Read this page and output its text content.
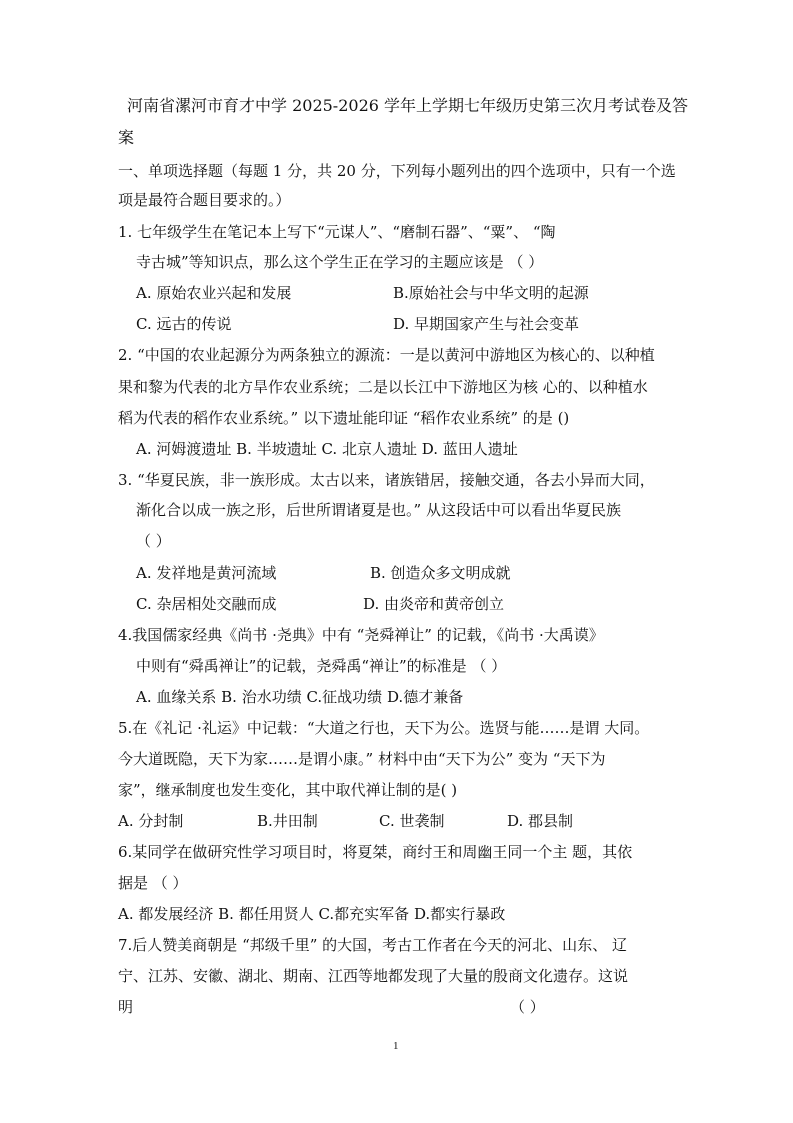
河南省漯河市育才中学 2025-2026 学年上学期七年级历史第三次月考试卷及答
案
一、单项选择题（每题 1 分，共 20 分，下列每小题列出的四个选项中，只有一个选
项是最符合题目要求的。）
1. 七年级学生在笔记本上写下“元谋人”、“磨制石器”、“粟”、 “陶
寺古城”等知识点，那么这个学生正在学习的主题应该是 （ ）
A. 原始农业兴起和发展	B.原始社会与中华文明的起源
C. 远古的传说	D. 早期国家产生与社会变革
2. “中国的农业起源分为两条独立的源流：一是以黄河中游地区为核心的、以种植
果和黎为代表的北方旱作农业系统；二是以长江中下游地区为核 心的、以种植水
稻为代表的稻作农业系统。” 以下遗址能印证 “稻作农业系统” 的是 ()
A. 河姆渡遗址 B. 半坡遗址 C. 北京人遗址 D. 蓝田人遗址
3. “华夏民族，非一族形成。太古以来，诸族错居，接触交通，各去小异而大同，
渐化合以成一族之形，后世所谓诸夏是也。” 从这段话中可以看出华夏民族
（ ）
A. 发祥地是黄河流域	B. 创造众多文明成就
C. 杂居相处交融而成	D. 由炎帝和黄帝创立
4.我国儒家经典《尚书 ·尧典》中有 “尧舜禅让” 的记载，《尚书 ·大禹谟》
中则有“舜禹禅让”的记载，尧舜禹“禅让”的标准是 （ ）
A. 血缘关系 B. 治水功绩 C.征战功绩 D.德才兼备
5.在《礼记 ·礼运》中记载：“大道之行也，天下为公。选贤与能……是谓 大同。
今大道既隐，天下为家……是谓小康。” 材料中由“天下为公” 变为 “天下为
家”，继承制度也发生变化，其中取代禅让制的是( )
A. 分封制	B.井田制	C. 世袭制	D. 郡县制
6.某同学在做研究性学习项目时，将夏桀，商纣王和周幽王同一个主 题，其依
据是 （ ）
A. 都发展经济 B. 都任用贤人 C.都充实军备 D.都实行暴政
7.后人赞美商朝是 “邦级千里” 的大国，考古工作者在今天的河北、山东、 辽
宁、江苏、安徽、湖北、期南、江西等地都发现了大量的殷商文化遗存。这说
明	（ ）
1
